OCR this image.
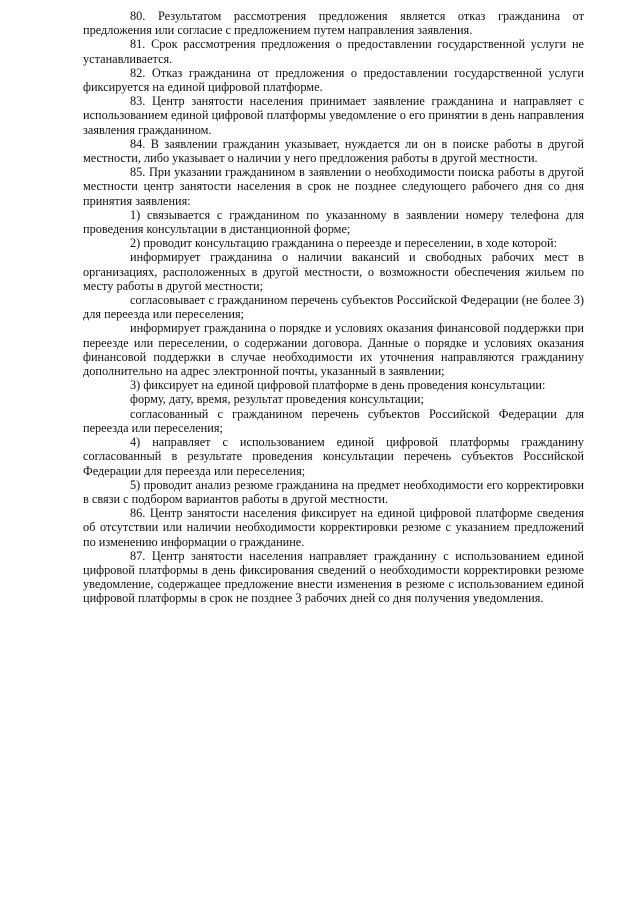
80. Результатом рассмотрения предложения является отказ гражданина от предложения или согласие с предложением путем направления заявления.

81. Срок рассмотрения предложения о предоставлении государственной услуги не устанавливается.

82. Отказ гражданина от предложения о предоставлении государственной услуги фиксируется на единой цифровой платформе.

83. Центр занятости населения принимает заявление гражданина и направляет с использованием единой цифровой платформы уведомление о его принятии в день направления заявления гражданином.

84. В заявлении гражданин указывает, нуждается ли он в поиске работы в другой местности, либо указывает о наличии у него предложения работы в другой местности.

85. При указании гражданином в заявлении о необходимости поиска работы в другой местности центр занятости населения в срок не позднее следующего рабочего дня со дня принятия заявления:

1) связывается с гражданином по указанному в заявлении номеру телефона для проведения консультации в дистанционной форме;

2) проводит консультацию гражданина о переезде и переселении, в ходе которой:

информирует гражданина о наличии вакансий и свободных рабочих мест в организациях, расположенных в другой местности, о возможности обеспечения жильем по месту работы в другой местности;

согласовывает с гражданином перечень субъектов Российской Федерации (не более 3) для переезда или переселения;

информирует гражданина о порядке и условиях оказания финансовой поддержки при переезде или переселении, о содержании договора. Данные о порядке и условиях оказания финансовой поддержки в случае необходимости их уточнения направляются гражданину дополнительно на адрес электронной почты, указанный в заявлении;

3) фиксирует на единой цифровой платформе в день проведения консультации:

форму, дату, время, результат проведения консультации;

согласованный с гражданином перечень субъектов Российской Федерации для переезда или переселения;

4) направляет с использованием единой цифровой платформы гражданину согласованный в результате проведения консультации перечень субъектов Российской Федерации для переезда или переселения;

5) проводит анализ резюме гражданина на предмет необходимости его корректировки в связи с подбором вариантов работы в другой местности.

86. Центр занятости населения фиксирует на единой цифровой платформе сведения об отсутствии или наличии необходимости корректировки резюме с указанием предложений по изменению информации о гражданине.

87. Центр занятости населения направляет гражданину с использованием единой цифровой платформы в день фиксирования сведений о необходимости корректировки резюме уведомление, содержащее предложение внести изменения в резюме с использованием единой цифровой платформы в срок не позднее 3 рабочих дней со дня получения уведомления.
